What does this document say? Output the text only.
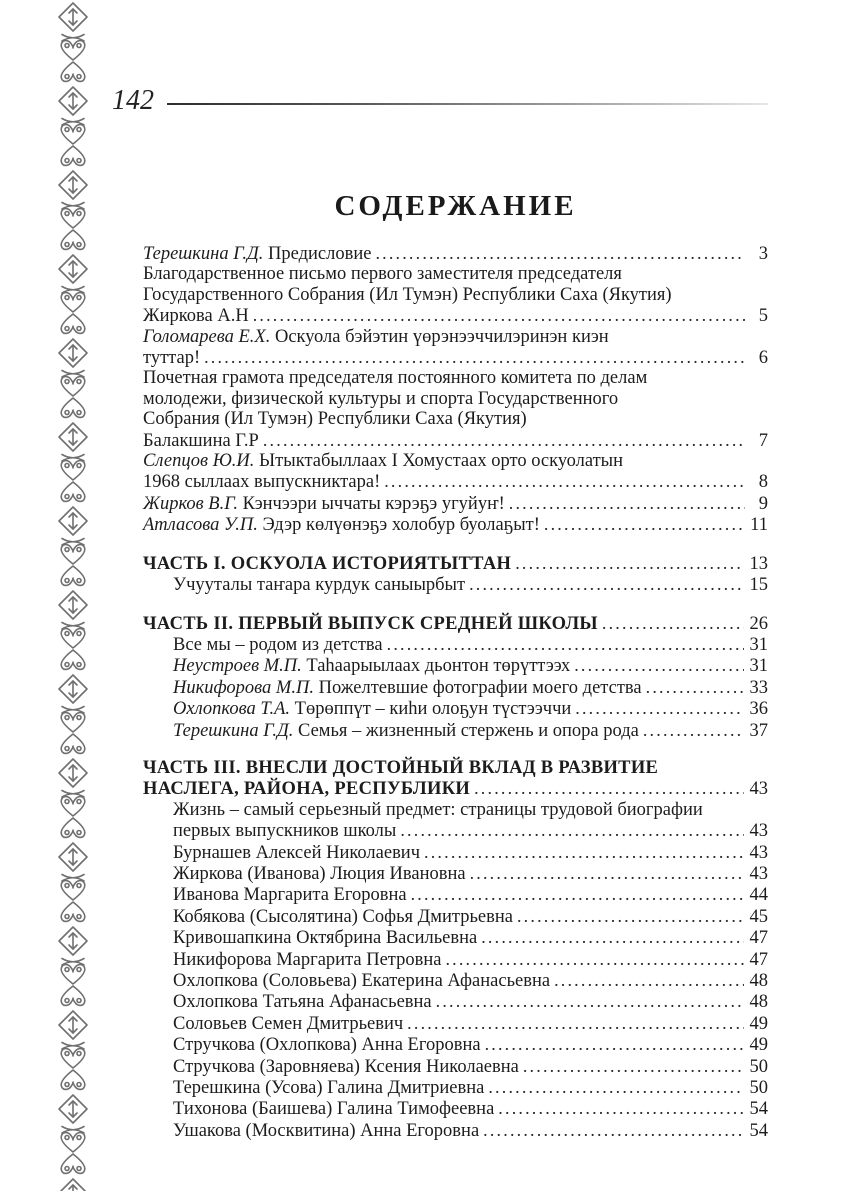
142
СОДЕРЖАНИЕ
Терешкина Г.Д. Предисловие .....	3
Благодарственное письмо первого заместителя председателя
Государственного Собрания (Ил Тумэн) Республики Саха (Якутия)
Жиркова А.Н .....	5
Голомарева Е.Х. Оскуола бэйэтин үөрэнээччилэринэн киэн
туттар! .....	6
Почетная грамота председателя постоянного комитета по делам
молодежи, физической культуры и спорта Государственного
Собрания (Ил Тумэн) Республики Саха (Якутия)
Балакшина Г.Р .....	7
Слепцов Ю.И. Ытыктабыллаах I Хомустаах орто оскуолатын
1968 сыллаах выпускниктара! .....	8
Жирков В.Г. Кэнчээри ыччаты кэрэҕэ угуйуҥ! .....	9
Атласова У.П. Эдэр көлүөнэҕэ холобур буолаҕыт! .....	11
ЧАСТЬ I. ОСКУОЛА ИСТОРИЯТЫТТАН .....	13
Учууталы таҥара курдук саныырбыт .....	15
ЧАСТЬ II. ПЕРВЫЙ ВЫПУСК СРЕДНЕЙ ШКОЛЫ .....	26
Все мы – родом из детства .....	31
Неустроев М.П. Таһаарыылаах дьонтон төрүттээх .....	31
Никифорова М.П. Пожелтевшие фотографии моего детства .....	33
Охлопкова Т.А. Төрөппүт – киһи олоҕун түстээччи .....	36
Терешкина Г.Д. Семья – жизненный стержень и опора рода .....	37
ЧАСТЬ III. ВНЕСЛИ ДОСТОЙНЫЙ ВКЛАД В РАЗВИТИЕ
НАСЛЕГА, РАЙОНА, РЕСПУБЛИКИ .....	43
Жизнь – самый серьезный предмет: страницы трудовой биографии
первых выпускников школы .....	43
Бурнашев Алексей Николаевич .....	43
Жиркова (Иванова) Люция Ивановна .....	43
Иванова Маргарита Егоровна .....	44
Кобякова (Сысолятина) Софья Дмитрьевна .....	45
Кривошапкина Октябрина Васильевна .....	47
Никифорова Маргарита Петровна .....	47
Охлопкова (Соловьева) Екатерина Афанасьевна .....	48
Охлопкова Татьяна Афанасьевна .....	48
Соловьев Семен Дмитрьевич .....	49
Стручкова (Охлопкова) Анна Егоровна .....	49
Стручкова (Заровняева) Ксения Николаевна .....	50
Терешкина (Усова) Галина Дмитриевна .....	50
Тихонова (Баишева) Галина Тимофеевна .....	54
Ушакова (Москвитина) Анна Егоровна .....	54
